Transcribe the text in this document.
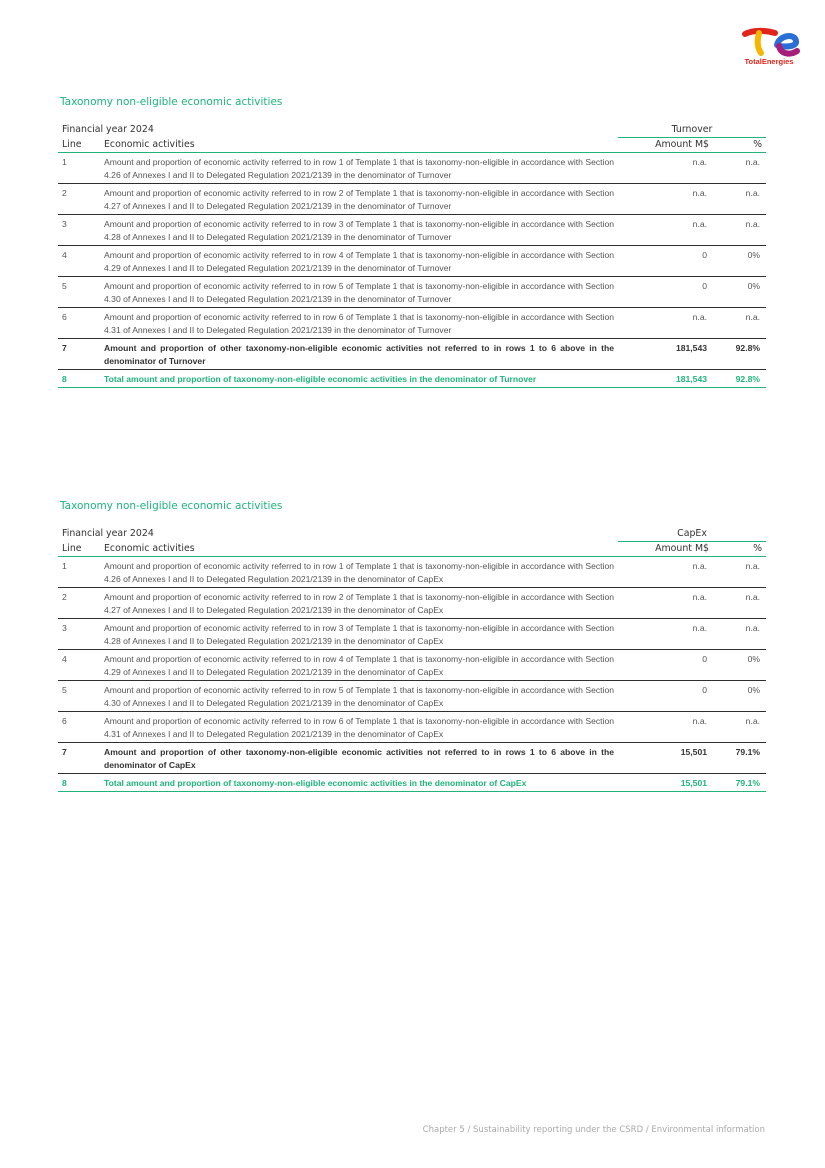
TotalEnergies
Taxonomy non-eligible economic activities
Financial year 2024		Turnover	
Line	Economic activities	Amount M$	%
1	Amount and proportion of economic activity referred to in row 1 of Template 1 that is taxonomy-non-eligible in accordance with Section 4.26 of Annexes I and II to Delegated Regulation 2021/2139 in the denominator of Turnover	n.a.	n.a.
2	Amount and proportion of economic activity referred to in row 2 of Template 1 that is taxonomy-non-eligible in accordance with Section 4.27 of Annexes I and II to Delegated Regulation 2021/2139 in the denominator of Turnover	n.a.	n.a.
3	Amount and proportion of economic activity referred to in row 3 of Template 1 that is taxonomy-non-eligible in accordance with Section 4.28 of Annexes I and II to Delegated Regulation 2021/2139 in the denominator of Turnover	n.a.	n.a.
4	Amount and proportion of economic activity referred to in row 4 of Template 1 that is taxonomy-non-eligible in accordance with Section 4.29 of Annexes I and II to Delegated Regulation 2021/2139 in the denominator of Turnover	0	0%
5	Amount and proportion of economic activity referred to in row 5 of Template 1 that is taxonomy-non-eligible in accordance with Section 4.30 of Annexes I and II to Delegated Regulation 2021/2139 in the denominator of Turnover	0	0%
6	Amount and proportion of economic activity referred to in row 6 of Template 1 that is taxonomy-non-eligible in accordance with Section 4.31 of Annexes I and II to Delegated Regulation 2021/2139 in the denominator of Turnover	n.a.	n.a.
7	Amount and proportion of other taxonomy-non-eligible economic activities not referred to in rows 1 to 6 above in the denominator of Turnover	181,543	92.8%
8	Total amount and proportion of taxonomy-non-eligible economic activities in the denominator of Turnover	181,543	92.8%
Taxonomy non-eligible economic activities
Financial year 2024		CapEx	
Line	Economic activities	Amount M$	%
1	Amount and proportion of economic activity referred to in row 1 of Template 1 that is taxonomy-non-eligible in accordance with Section 4.26 of Annexes I and II to Delegated Regulation 2021/2139 in the denominator of CapEx	n.a.	n.a.
2	Amount and proportion of economic activity referred to in row 2 of Template 1 that is taxonomy-non-eligible in accordance with Section 4.27 of Annexes I and II to Delegated Regulation 2021/2139 in the denominator of CapEx	n.a.	n.a.
3	Amount and proportion of economic activity referred to in row 3 of Template 1 that is taxonomy-non-eligible in accordance with Section 4.28 of Annexes I and II to Delegated Regulation 2021/2139 in the denominator of CapEx	n.a.	n.a.
4	Amount and proportion of economic activity referred to in row 4 of Template 1 that is taxonomy-non-eligible in accordance with Section 4.29 of Annexes I and II to Delegated Regulation 2021/2139 in the denominator of CapEx	0	0%
5	Amount and proportion of economic activity referred to in row 5 of Template 1 that is taxonomy-non-eligible in accordance with Section 4.30 of Annexes I and II to Delegated Regulation 2021/2139 in the denominator of CapEx	0	0%
6	Amount and proportion of economic activity referred to in row 6 of Template 1 that is taxonomy-non-eligible in accordance with Section 4.31 of Annexes I and II to Delegated Regulation 2021/2139 in the denominator of CapEx	n.a.	n.a.
7	Amount and proportion of other taxonomy-non-eligible economic activities not referred to in rows 1 to 6 above in the denominator of CapEx	15,501	79.1%
8	Total amount and proportion of taxonomy-non-eligible economic activities in the denominator of CapEx	15,501	79.1%
Chapter 5 / Sustainability reporting under the CSRD / Environmental information
